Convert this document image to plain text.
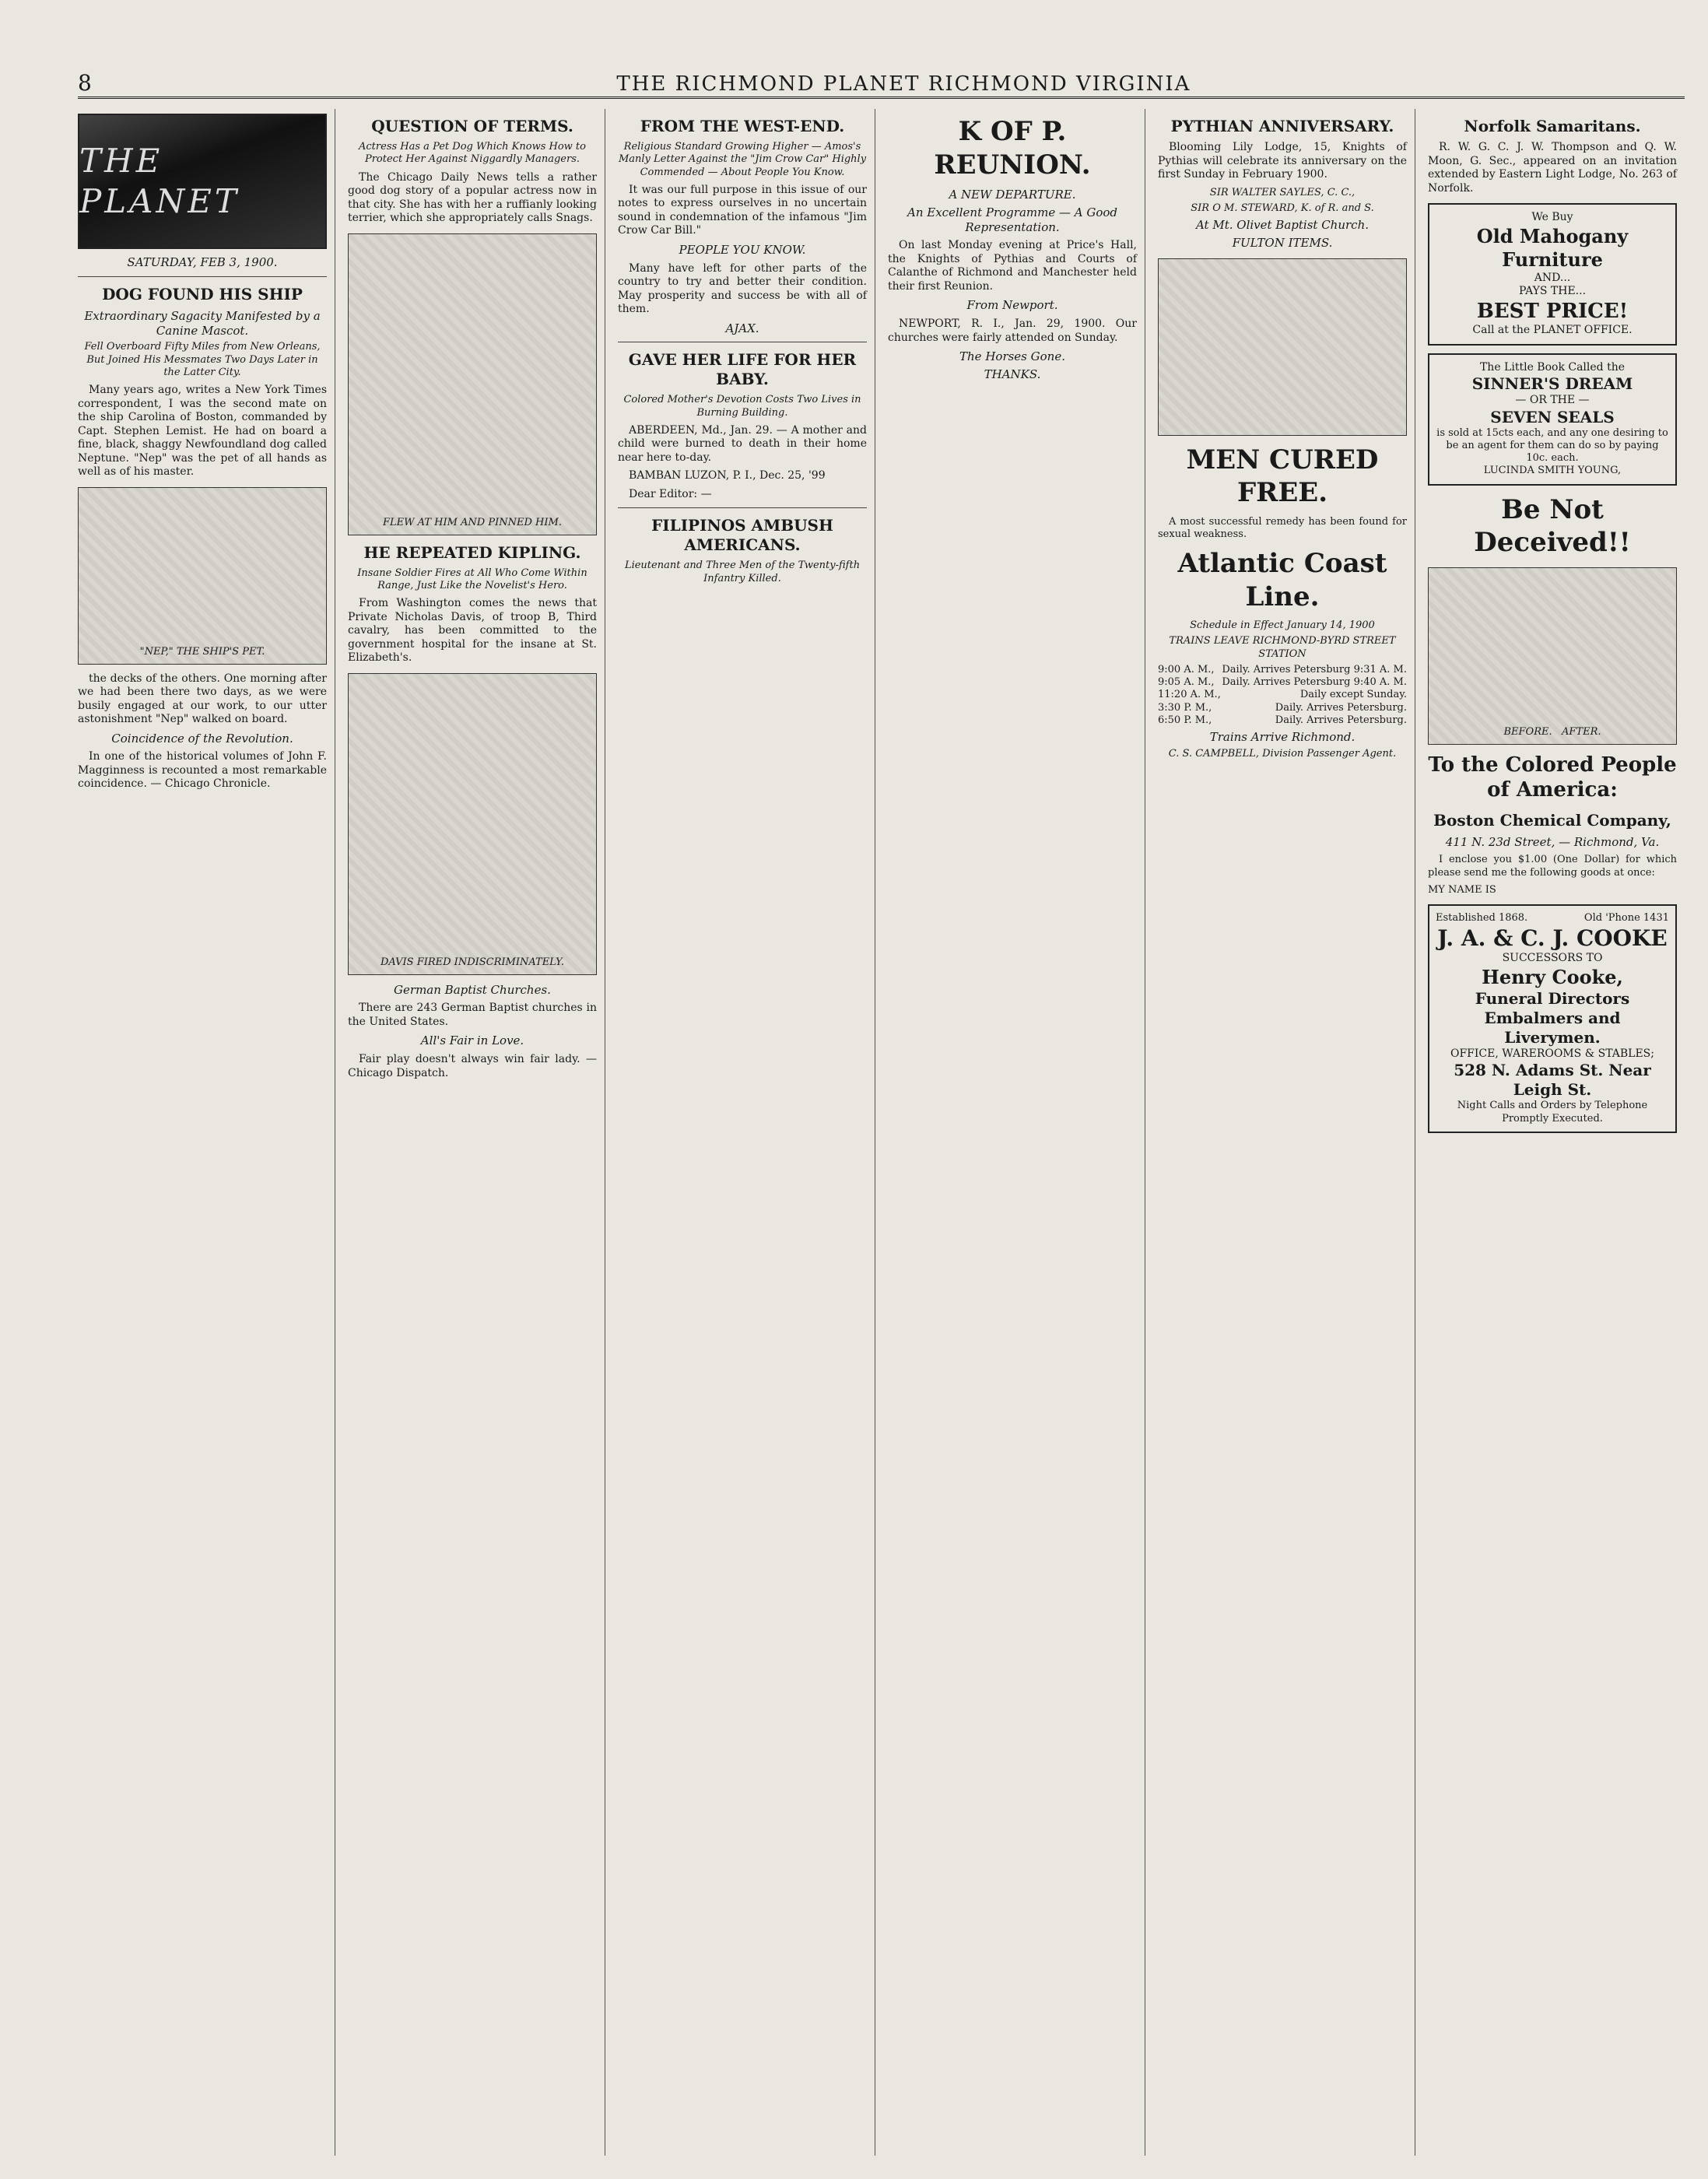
8	THE RICHMOND PLANET RICHMOND VIRGINIA
THE PLANET
SATURDAY, FEB 3, 1900.
DOG FOUND HIS SHIP
Extraordinary Sagacity Manifested by a Canine Mascot.
Fell Overboard Fifty Miles from New Orleans, But Joined His Messmates Two Days Later in the Latter City.
Many years ago, writes a New York Times correspondent, I was the second mate on the ship Carolina of Boston, commanded by Capt. Stephen Lemist. He had on board a fine, black, shaggy Newfoundland dog called Neptune. "Nep" was the pet of all hands as well as of his master.
"NEP," THE SHIP'S PET.
the decks of the others. One morning after we had been there two days, as we were busily engaged at our work, to our utter astonishment "Nep" walked on board.
Coincidence of the Revolution.
In one of the historical volumes of John F. Magginness is recounted a most remarkable coincidence. — Chicago Chronicle.
QUESTION OF TERMS.
Actress Has a Pet Dog Which Knows How to Protect Her Against Niggardly Managers.
The Chicago Daily News tells a rather good dog story of a popular actress now in that city. She has with her a ruffianly looking terrier, which she appropriately calls Snags.
FLEW AT HIM AND PINNED HIM.
HE REPEATED KIPLING.
Insane Soldier Fires at All Who Come Within Range, Just Like the Novelist's Hero.
From Washington comes the news that Private Nicholas Davis, of troop B, Third cavalry, has been committed to the government hospital for the insane at St. Elizabeth's.
DAVIS FIRED INDISCRIMINATELY.
German Baptist Churches.
There are 243 German Baptist churches in the United States.
All's Fair in Love.
Fair play doesn't always win fair lady. — Chicago Dispatch.
FROM THE WEST-END.
Religious Standard Growing Higher — Amos's Manly Letter Against the "Jim Crow Car" Highly Commended — About People You Know.
It was our full purpose in this issue of our notes to express ourselves in no uncertain sound in condemnation of the infamous "Jim Crow Car Bill."
PEOPLE YOU KNOW.
Many have left for other parts of the country to try and better their condition. May prosperity and success be with all of them.
AJAX.
GAVE HER LIFE FOR HER BABY.
Colored Mother's Devotion Costs Two Lives in Burning Building.
ABERDEEN, Md., Jan. 29. — A mother and child were burned to death in their home near here to-day.
BAMBAN LUZON, P. I., Dec. 25, '99
Dear Editor: —
FILIPINOS AMBUSH AMERICANS.
Lieutenant and Three Men of the Twenty-fifth Infantry Killed.
K OF P. REUNION.
A NEW DEPARTURE.
An Excellent Programme — A Good Representation.
On last Monday evening at Price's Hall, the Knights of Pythias and Courts of Calanthe of Richmond and Manchester held their first Reunion.
From Newport.
NEWPORT, R. I., Jan. 29, 1900. Our churches were fairly attended on Sunday.
The Horses Gone.
THANKS.
PYTHIAN ANNIVERSARY.
Blooming Lily Lodge, 15, Knights of Pythias will celebrate its anniversary on the first Sunday in February 1900.
SIR WALTER SAYLES, C. C.,
SIR O M. STEWARD, K. of R. and S.
At Mt. Olivet Baptist Church.
FULTON ITEMS.
MEN CURED FREE.
A most successful remedy has been found for sexual weakness.
Atlantic Coast Line.
Schedule in Effect January 14, 1900
TRAINS LEAVE RICHMOND-BYRD STREET STATION
9:00 A. M., Daily. Arrives Petersburg 9:31 A. M.
9:05 A. M., Daily. Arrives Petersburg 9:40 A. M.
11:20 A. M.,	Daily except Sunday.
3:30 P. M.,	Daily. Arrives Petersburg.
6:50 P. M.,	Daily. Arrives Petersburg.
Trains Arrive Richmond.
C. S. CAMPBELL, Division Passenger Agent.
Norfolk Samaritans.
R. W. G. C. J. W. Thompson and Q. W. Moon, G. Sec., appeared on an invitation extended by Eastern Light Lodge, No. 263 of Norfolk.
We Buy
Old Mahogany Furniture
AND...
PAYS THE...
BEST PRICE!
Call at the PLANET OFFICE.
The Little Book Called the
SINNER'S DREAM
— OR THE —
SEVEN SEALS
is sold at 15cts each, and any one desiring to be an agent for them can do so by paying 10c. each.
LUCINDA SMITH YOUNG,
Be Not Deceived!!
BEFORE.
AFTER.
To the Colored People of America:
Boston Chemical Company,
411 N. 23d Street, — Richmond, Va.
I enclose you $1.00 (One Dollar) for which please send me the following goods at once:
MY NAME IS
Established 1868.	Old 'Phone 1431
J. A. & C. J. COOKE
SUCCESSORS TO
Henry Cooke,
Funeral Directors Embalmers and Liverymen.
OFFICE, WAREROOMS & STABLES;
528 N. Adams St. Near Leigh St.
Night Calls and Orders by Telephone Promptly Executed.
